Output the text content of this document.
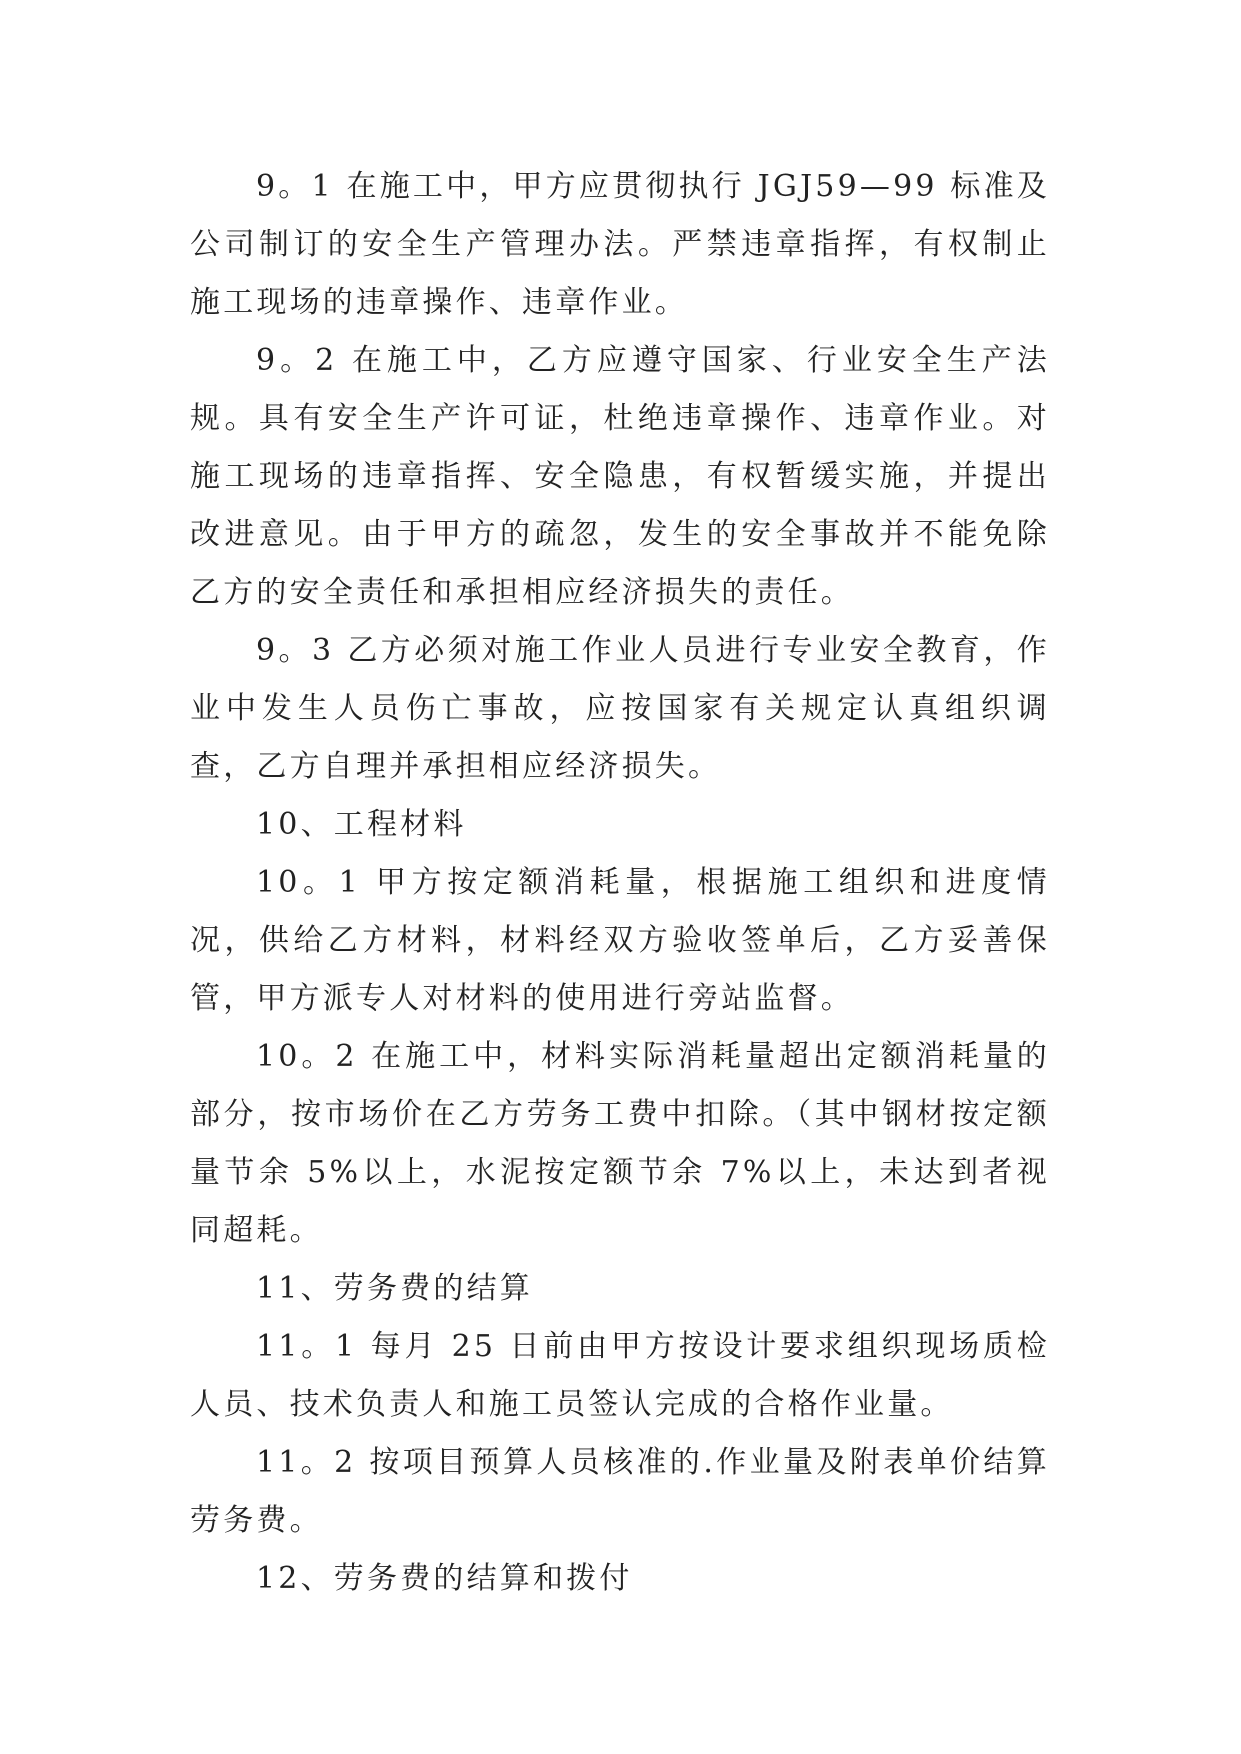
9。1 在施工中，甲方应贯彻执行 JGJ59—99 标准及公司制订的安全生产管理办法。严禁违章指挥，有权制止施工现场的违章操作、违章作业。

9。2 在施工中，乙方应遵守国家、行业安全生产法规。具有安全生产许可证，杜绝违章操作、违章作业。对施工现场的违章指挥、安全隐患，有权暂缓实施，并提出改进意见。由于甲方的疏忽，发生的安全事故并不能免除乙方的安全责任和承担相应经济损失的责任。

9。3 乙方必须对施工作业人员进行专业安全教育，作业中发生人员伤亡事故，应按国家有关规定认真组织调查，乙方自理并承担相应经济损失。

10、工程材料

10。1 甲方按定额消耗量，根据施工组织和进度情况，供给乙方材料，材料经双方验收签单后，乙方妥善保管，甲方派专人对材料的使用进行旁站监督。

10。2 在施工中，材料实际消耗量超出定额消耗量的部分，按市场价在乙方劳务工费中扣除。（其中钢材按定额量节余 5%以上，水泥按定额节余 7%以上，未达到者视同超耗。

11、劳务费的结算

11。1 每月 25 日前由甲方按设计要求组织现场质检人员、技术负责人和施工员签认完成的合格作业量。

11。2 按项目预算人员核准的.作业量及附表单价结算劳务费。

12、劳务费的结算和拨付
